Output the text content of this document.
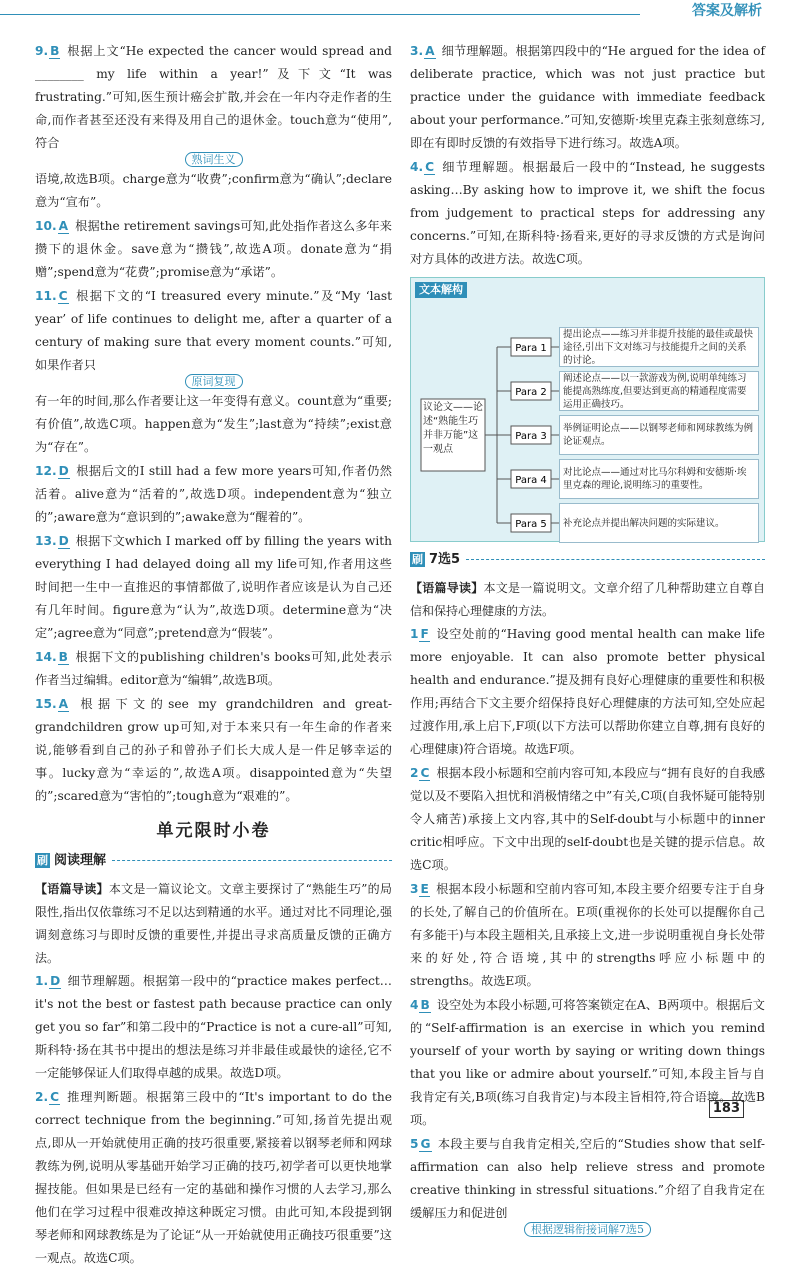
答案及解析
9. B 根据上文“He expected the cancer would spread and ________ my life within a year!”及下文“It was frustrating.”可知,医生预计癌会扩散,并会在一年内夺走作者的生命,而作者甚至还没有来得及用自己的退休金。touch意为“使用”,符合
熟词生义
语境,故选B项。charge意为“收费”;confirm意为“确认”;declare意为“宣布”。
10. A 根据the retirement savings可知,此处指作者这么多年来攒下的退休金。save意为“攒钱”,故选A项。donate意为“捐赠”;spend意为“花费”;promise意为“承诺”。
11. C 根据下文的“I treasured every minute.”及“My ‘last year’ of life continues to delight me, after a quarter of a century of making sure that every moment counts.”可知,如果作者只
原词复现
有一年的时间,那么作者要让这一年变得有意义。count意为“重要;有价值”,故选C项。happen意为“发生”;last意为“持续”;exist意为“存在”。
12. D 根据后文的I still had a few more years可知,作者仍然活着。alive意为“活着的”,故选D项。independent意为“独立的”;aware意为“意识到的”;awake意为“醒着的”。
13. D 根据下文which I marked off by filling the years with everything I had delayed doing all my life可知,作者用这些时间把一生中一直推迟的事情都做了,说明作者应该是认为自己还有几年时间。figure意为“认为”,故选D项。determine意为“决定”;agree意为“同意”;pretend意为“假装”。
14. B 根据下文的publishing children's books可知,此处表示作者当过编辑。editor意为“编辑”,故选B项。
15. A 根据下文的see my grandchildren and great-grandchildren grow up可知,对于本来只有一年生命的作者来说,能够看到自己的孙子和曾孙子们长大成人是一件足够幸运的事。lucky意为“幸运的”,故选A项。disappointed意为“失望的”;scared意为“害怕的”;tough意为“艰难的”。
单元限时小卷
刷 阅读理解
【语篇导读】本文是一篇议论文。文章主要探讨了“熟能生巧”的局限性,指出仅依靠练习不足以达到精通的水平。通过对比不同理论,强调刻意练习与即时反馈的重要性,并提出寻求高质量反馈的正确方法。
1. D 细节理解题。根据第一段中的“practice makes perfect…it's not the best or fastest path because practice can only get you so far”和第二段中的“Practice is not a cure-all”可知,斯科特·扬在其书中提出的想法是练习并非最佳或最快的途径,它不一定能够保证人们取得卓越的成果。故选D项。
2. C 推理判断题。根据第三段中的“It's important to do the correct technique from the beginning.”可知,扬首先提出观点,即从一开始就使用正确的技巧很重要,紧接着以钢琴老师和网球教练为例,说明从零基础开始学习正确的技巧,初学者可以更快地掌握技能。但如果是已经有一定的基础和操作习惯的人去学习,那么他们在学习过程中很难改掉这种既定习惯。由此可知,本段提到钢琴老师和网球教练是为了论证“从一开始就使用正确技巧很重要”这一观点。故选C项。
3. A 细节理解题。根据第四段中的“He argued for the idea of deliberate practice, which was not just practice but practice under the guidance with immediate feedback about your performance.”可知,安德斯·埃里克森主张刻意练习,即在有即时反馈的有效指导下进行练习。故选A项。
4. C 细节理解题。根据最后一段中的“Instead, he suggests asking…By asking how to improve it, we shift the focus from judgement to practical steps for addressing any concerns.”可知,在斯科特·扬看来,更好的寻求反馈的方式是询问对方具体的改进方法。故选C项。
文本解构
议论文——论述“熟能生巧并非万能”这一观点
Para 1
提出论点——练习并非提升技能的最佳或最快途径,引出下文对练习与技能提升之间的关系的讨论。
Para 2
阐述论点——以一款游戏为例,说明单纯练习能提高熟练度,但要达到更高的精通程度需要运用正确技巧。
Para 3
举例证明论点——以钢琴老师和网球教练为例论证观点。
Para 4
对比论点——通过对比马尔科姆和安德斯·埃里克森的理论,说明练习的重要性。
Para 5	补充论点并提出解决问题的实际建议。
刷 7选5
【语篇导读】本文是一篇说明文。文章介绍了几种帮助建立自尊自信和保持心理健康的方法。
1 F 设空处前的“Having good mental health can make life more enjoyable. It can also promote better physical health and endurance.”提及拥有良好心理健康的重要性和积极作用;再结合下文主要介绍保持良好心理健康的方法可知,空处应起过渡作用,承上启下,F项(以下方法可以帮助你建立自尊,拥有良好的心理健康)符合语境。故选F项。
2 C 根据本段小标题和空前内容可知,本段应与“拥有良好的自我感觉以及不要陷入担忧和消极情绪之中”有关,C项(自我怀疑可能特别令人痛苦)承接上文内容,其中的Self-doubt与小标题中的inner critic相呼应。下文中出现的self-doubt也是关键的提示信息。故选C项。
3 E 根据本段小标题和空前内容可知,本段主要介绍要专注于自身的长处,了解自己的价值所在。E项(重视你的长处可以提醒你自己有多能干)与本段主题相关,且承接上文,进一步说明重视自身长处带来的好处,符合语境,其中的strengths呼应小标题中的strengths。故选E项。
4 B 设空处为本段小标题,可将答案锁定在A、B两项中。根据后文的“Self-affirmation is an exercise in which you remind yourself of your worth by saying or writing down things that you like or admire about yourself.”可知,本段主旨与自我肯定有关,B项(练习自我肯定)与本段主旨相符,符合语境。故选B项。
5 G 本段主要与自我肯定相关,空后的“Studies show that self-affirmation can also help relieve stress and promote creative thinking in stressful situations.”介绍了自我肯定在缓解压力和促进创
根据逻辑衔接词解7选5
183
